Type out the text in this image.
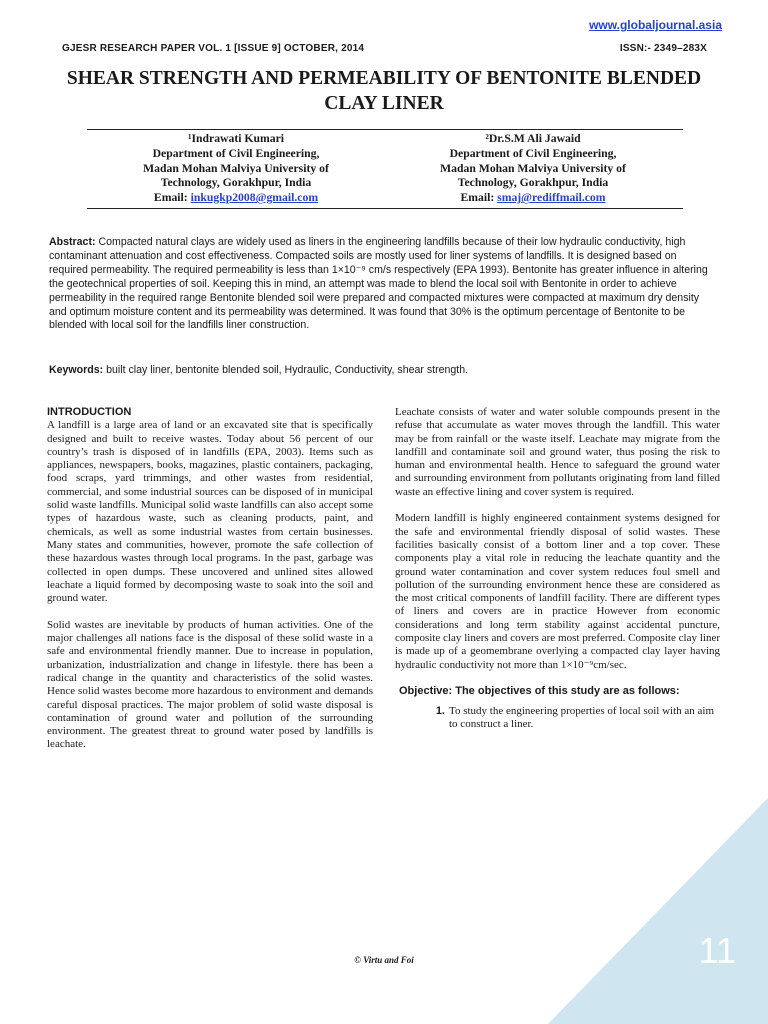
www.globaljournal.asia
GJESR RESEARCH PAPER VOL. 1 [ISSUE 9] OCTOBER, 2014	ISSN:- 2349–283X
SHEAR STRENGTH AND PERMEABILITY OF BENTONITE BLENDED CLAY LINER
¹Indrawati Kumari
Department of Civil Engineering,
Madan Mohan Malviya University of
Technology, Gorakhpur, India
Email: inkugkp2008@gmail.com
²Dr.S.M Ali Jawaid
Department of Civil Engineering,
Madan Mohan Malviya University of
Technology, Gorakhpur, India
Email: smaj@rediffmail.com
Abstract: Compacted natural clays are widely used as liners in the engineering landfills because of their low hydraulic conductivity, high contaminant attenuation and cost effectiveness. Compacted soils are mostly used for liner systems of landfills. It is designed based on required permeability. The required permeability is less than 1×10⁻⁹ cm/s respectively (EPA 1993). Bentonite has greater influence in altering the geotechnical properties of soil. Keeping this in mind, an attempt was made to blend the local soil with Bentonite in order to achieve permeability in the required range Bentonite blended soil were prepared and compacted mixtures were compacted at maximum dry density and optimum moisture content and its permeability was determined. It was found that 30% is the optimum percentage of Bentonite to be blended with local soil for the landfills liner construction.
Keywords: built clay liner, bentonite blended soil, Hydraulic, Conductivity, shear strength.
INTRODUCTION

A landfill is a large area of land or an excavated site that is specifically designed and built to receive wastes. Today about 56 percent of our country’s trash is disposed of in landfills (EPA, 2003). Items such as appliances, newspapers, books, magazines, plastic containers, packaging, food scraps, yard trimmings, and other wastes from residential, commercial, and some industrial sources can be disposed of in municipal solid waste landfills. Municipal solid waste landfills can also accept some types of hazardous waste, such as cleaning products, paint, and chemicals, as well as some industrial wastes from certain businesses. Many states and communities, however, promote the safe collection of these hazardous wastes through local programs. In the past, garbage was collected in open dumps. These uncovered and unlined sites allowed leachate a liquid formed by decomposing waste to soak into the soil and ground water.

Solid wastes are inevitable by products of human activities. One of the major challenges all nations face is the disposal of these solid waste in a safe and environmental friendly manner. Due to increase in population, urbanization, industrialization and change in lifestyle. there has been a radical change in the quantity and characteristics of the solid wastes. Hence solid wastes become more hazardous to environment and demands careful disposal practices. The major problem of solid waste disposal is contamination of ground water and pollution of the surrounding environment. The greatest threat to ground water posed by landfills is leachate.

Leachate consists of water and water soluble compounds present in the refuse that accumulate as water moves through the landfill. This water may be from rainfall or the waste itself. Leachate may migrate from the landfill and contaminate soil and ground water, thus posing the risk to human and environmental health. Hence to safeguard the ground water and surrounding environment from pollutants originating from land filled waste an effective lining and cover system is required.

Modern landfill is highly engineered containment systems designed for the safe and environmental friendly disposal of solid wastes. These facilities basically consist of a bottom liner and a top cover. These components play a vital role in reducing the leachate quantity and the ground water contamination and cover system reduces foul smell and pollution of the surrounding environment hence these are considered as the most critical components of landfill facility. There are different types of liners and covers are in practice However from economic considerations and long term stability against accidental puncture, composite clay liners and covers are most preferred. Composite clay liner is made up of a geomembrane overlying a compacted clay layer having hydraulic conductivity not more than 1×10⁻⁹cm/sec.

Objective: The objectives of this study are as follows:
1. To study the engineering properties of local soil with an aim to construct a liner.
© Virtu and Foi	11
